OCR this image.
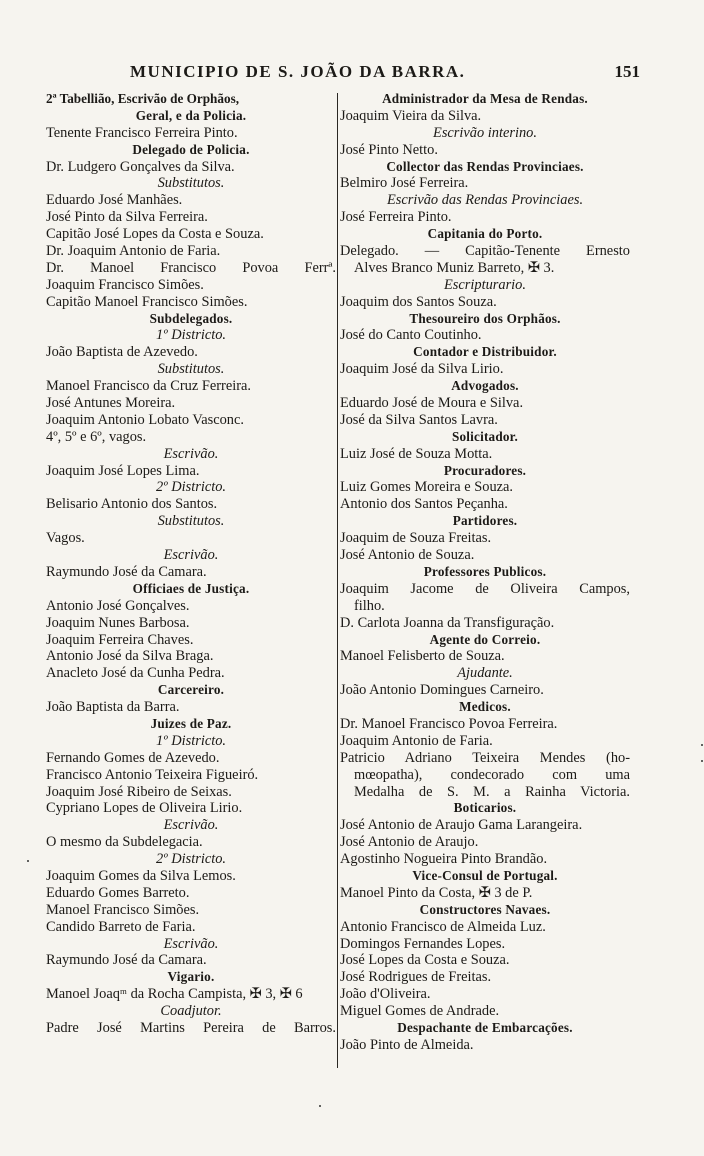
MUNICIPIO DE S. JOÃO DA BARRA.	151
2ª Tabellião, Escrivão de Orphãos,
Geral, e da Policia.
Tenente Francisco Ferreira Pinto.
Delegado de Policia.
Dr. Ludgero Gonçalves da Silva.
Substitutos.
Eduardo José Manhães.
José Pinto da Silva Ferreira.
Capitão José Lopes da Costa e Souza.
Dr. Joaquim Antonio de Faria.
Dr. Manoel Francisco Povoa Ferrª.
Joaquim Francisco Simões.
Capitão Manoel Francisco Simões.
Subdelegados.
1º Districto.
João Baptista de Azevedo.
Substitutos.
Manoel Francisco da Cruz Ferreira.
José Antunes Moreira.
Joaquim Antonio Lobato Vasconc.
4º, 5º e 6º, vagos.
Escrivão.
Joaquim José Lopes Lima.
2º Districto.
Belisario Antonio dos Santos.
Substitutos.
Vagos.
Escrivão.
Raymundo José da Camara.
Officiaes de Justiça.
Antonio José Gonçalves.
Joaquim Nunes Barbosa.
Joaquim Ferreira Chaves.
Antonio José da Silva Braga.
Anacleto José da Cunha Pedra.
Carcereiro.
João Baptista da Barra.
Juizes de Paz.
1º Districto.
Fernando Gomes de Azevedo.
Francisco Antonio Teixeira Figueiró.
Joaquim José Ribeiro de Seixas.
Cypriano Lopes de Oliveira Lirio.
Escrivão.
O mesmo da Subdelegacia.
2º Districto.
Joaquim Gomes da Silva Lemos.
Eduardo Gomes Barreto.
Manoel Francisco Simões.
Candido Barreto de Faria.
Escrivão.
Raymundo José da Camara.
Vigario.
Manoel Joaqᵐ da Rocha Campista, ✠ 3, ✠ 6
Coadjutor.
Padre José Martins Pereira de Barros.
Administrador da Mesa de Rendas.
Joaquim Vieira da Silva.
Escrivão interino.
José Pinto Netto.
Collector das Rendas Provinciaes.
Belmiro José Ferreira.
Escrivão das Rendas Provinciaes.
José Ferreira Pinto.
Capitania do Porto.
Delegado. — Capitão-Tenente Ernesto
Alves Branco Muniz Barreto, ✠ 3.
Escripturario.
Joaquim dos Santos Souza.
Thesoureiro dos Orphãos.
José do Canto Coutinho.
Contador e Distribuidor.
Joaquim José da Silva Lirio.
Advogados.
Eduardo José de Moura e Silva.
José da Silva Santos Lavra.
Solicitador.
Luiz José de Souza Motta.
Procuradores.
Luiz Gomes Moreira e Souza.
Antonio dos Santos Peçanha.
Partidores.
Joaquim de Souza Freitas.
José Antonio de Souza.
Professores Publicos.
Joaquim Jacome de Oliveira Campos,
filho.
D. Carlota Joanna da Transfiguração.
Agente do Correio.
Manoel Felisberto de Souza.
Ajudante.
João Antonio Domingues Carneiro.
Medicos.
Dr. Manoel Francisco Povoa Ferreira.
Joaquim Antonio de Faria.
Patricio Adriano Teixeira Mendes (ho-
mœopatha), condecorado com uma
Medalha de S. M. a Rainha Victoria.
Boticarios.
José Antonio de Araujo Gama Larangeira.
José Antonio de Araujo.
Agostinho Nogueira Pinto Brandão.
Vice-Consul de Portugal.
Manoel Pinto da Costa, ✠ 3 de P.
Constructores Navaes.
Antonio Francisco de Almeida Luz.
Domingos Fernandes Lopes.
José Lopes da Costa e Souza.
José Rodrigues de Freitas.
João d'Oliveira.
Miguel Gomes de Andrade.
Despachante de Embarcações.
João Pinto de Almeida.
